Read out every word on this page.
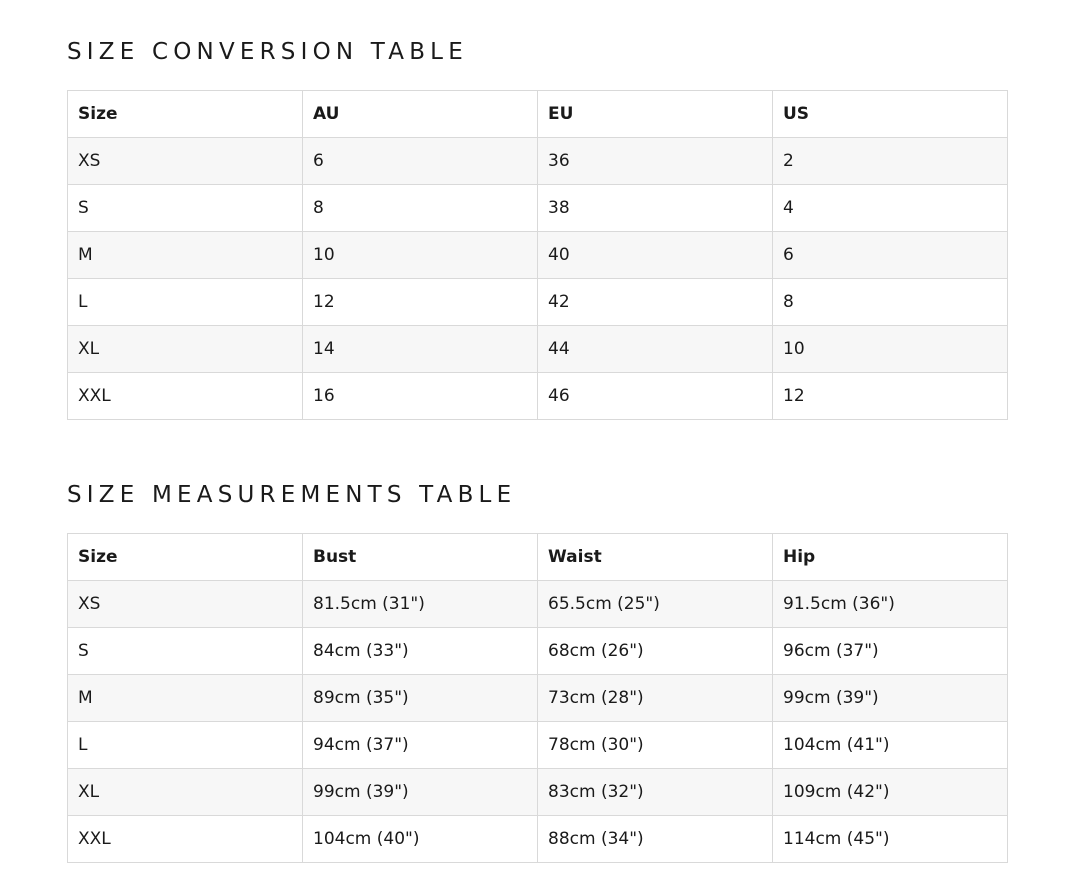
SIZE CONVERSION TABLE
Size	AU	EU	US
XS	6	36	2
S	8	38	4
M	10	40	6
L	12	42	8
XL	14	44	10
XXL	16	46	12
SIZE MEASUREMENTS TABLE
Size	Bust	Waist	Hip
XS	81.5cm (31")	65.5cm (25")	91.5cm (36")
S	84cm (33")	68cm (26")	96cm (37")
M	89cm (35")	73cm (28")	99cm (39")
L	94cm (37")	78cm (30")	104cm (41")
XL	99cm (39")	83cm (32")	109cm (42")
XXL	104cm (40")	88cm (34")	114cm (45")
